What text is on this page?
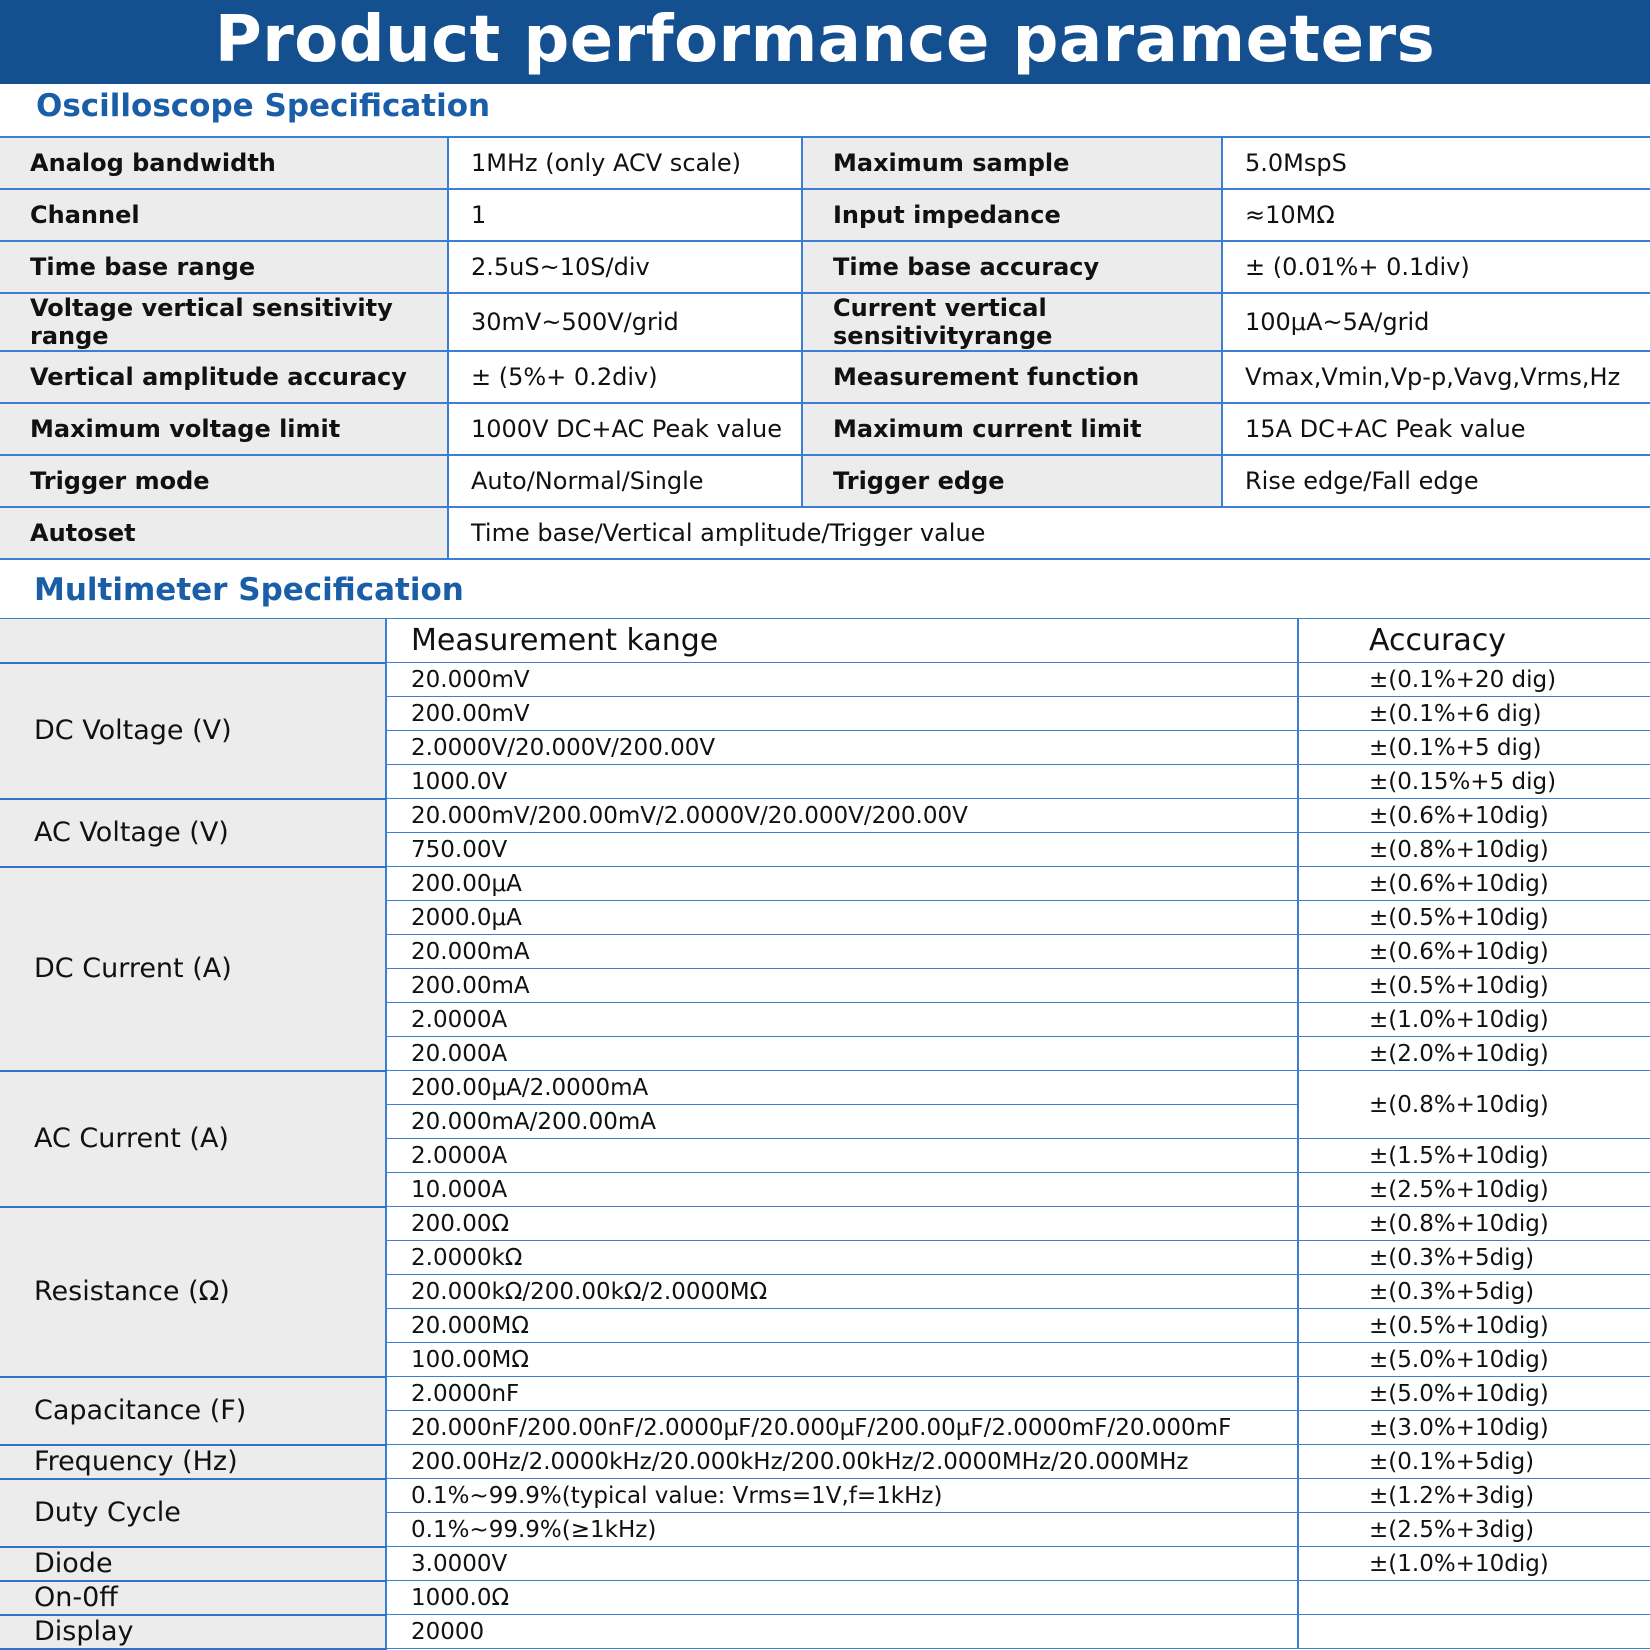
Product performance parameters
Oscilloscope Specification
Analog bandwidth	1MHz (only ACV scale)	Maximum sample	5.0MspS
Channel	1	Input impedance	≈10MΩ
Time base range	2.5uS~10S/div	Time base accuracy	± (0.01%+ 0.1div)
Voltage vertical sensitivity range	30mV~500V/grid	Current vertical sensitivityrange	100μA~5A/grid
Vertical amplitude accuracy	± (5%+ 0.2div)	Measurement function	Vmax,Vmin,Vp-p,Vavg,Vrms,Hz
Maximum voltage limit	1000V DC+AC Peak value	Maximum current limit	15A DC+AC Peak value
Trigger mode	Auto/Normal/Single	Trigger edge	Rise edge/Fall edge
Autoset	Time base/Vertical amplitude/Trigger value		
Multimeter Specification
	Measurement kange	Accuracy
DC Voltage (V)	20.000mV	±(0.1%+20 dig)
	200.00mV	±(0.1%+6 dig)
	2.0000V/20.000V/200.00V	±(0.1%+5 dig)
	1000.0V	±(0.15%+5 dig)
AC Voltage (V)	20.000mV/200.00mV/2.0000V/20.000V/200.00V	±(0.6%+10dig)
	750.00V	±(0.8%+10dig)
DC Current (A)	200.00μA	±(0.6%+10dig)
	2000.0μA	±(0.5%+10dig)
	20.000mA	±(0.6%+10dig)
	200.00mA	±(0.5%+10dig)
	2.0000A	±(1.0%+10dig)
	20.000A	±(2.0%+10dig)
AC Current (A)	200.00μA/2.0000mA	±(0.8%+10dig)
	20.000mA/200.00mA	
	2.0000A	±(1.5%+10dig)
	10.000A	±(2.5%+10dig)
Resistance (Ω)	200.00Ω	±(0.8%+10dig)
	2.0000kΩ	±(0.3%+5dig)
	20.000kΩ/200.00kΩ/2.0000MΩ	±(0.3%+5dig)
	20.000MΩ	±(0.5%+10dig)
	100.00MΩ	±(5.0%+10dig)
Capacitance (F)	2.0000nF	±(5.0%+10dig)
	20.000nF/200.00nF/2.0000μF/20.000μF/200.00μF/2.0000mF/20.000mF	±(3.0%+10dig)
Frequency (Hz)	200.00Hz/2.0000kHz/20.000kHz/200.00kHz/2.0000MHz/20.000MHz	±(0.1%+5dig)
Duty Cycle	0.1%~99.9%(typical value: Vrms=1V,f=1kHz)	±(1.2%+3dig)
	0.1%~99.9%(≥1kHz)	±(2.5%+3dig)
Diode	3.0000V	±(1.0%+10dig)
On-0ff	1000.0Ω	
Display	20000	
